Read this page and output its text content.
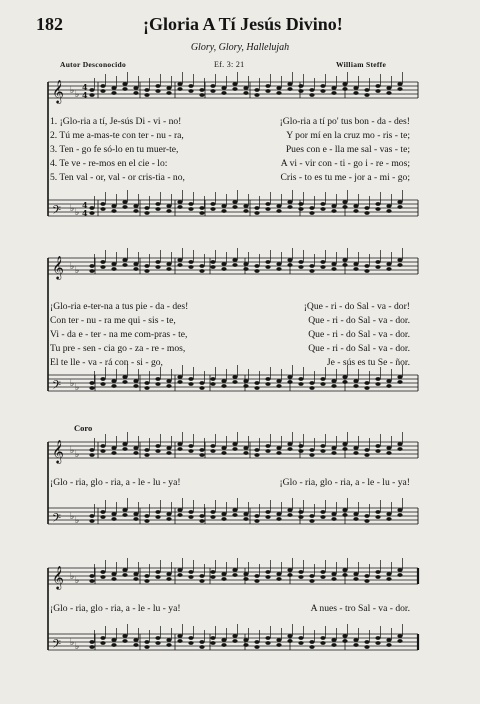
182	¡Gloria A Tí Jesús Divino!
Glory, Glory, Hallelujah
Autor Desconocido	Ef. 3: 21	William Steffe
𝄞 ♭ ♭
4
4
𝄢 ♭ ♭
4
4
𝄞 ♭ ♭
𝄢 ♭ ♭
𝄞 ♭ ♭
𝄢 ♭ ♭
𝄞 ♭ ♭
𝄢 ♭ ♭
Coro
1. ¡Glo-ria a tí, Je-sús Di - vi - no!	¡Glo-ria a tí po' tus bon - da - des!
2. Tú me a-mas-te con ter - nu - ra,	Y por mí en la cruz mo - ris - te;
3. Ten - go fe só-lo en tu muer-te,	Pues con e - lla me sal - vas - te;
4. Te ve - re-mos en el cie - lo:	A vi - vir con - ti - go i - re - mos;
5. Ten val - or, val - or cris-tia - no,	Cris - to es tu me - jor a - mi - go;
¡Glo-ria e-ter-na a tus pie - da - des!	¡Que - ri - do Sal - va - dor!
Con ter - nu - ra me qui - sis - te,	Que - ri - do Sal - va - dor.
Vi - da e - ter - na me com-pras - te,	Que - ri - do Sal - va - dor.
Tu pre - sen - cia go - za - re - mos,	Que - ri - do Sal - va - dor.
El te lle - va - rá con - si - go,	Je - sús es tu Se - ñor.
¡Glo - ria, glo - ria, a - le - lu - ya!	¡Glo - ria, glo - ria, a - le - lu - ya!
¡Glo - ria, glo - ria, a - le - lu - ya!	A nues - tro Sal - va - dor.
